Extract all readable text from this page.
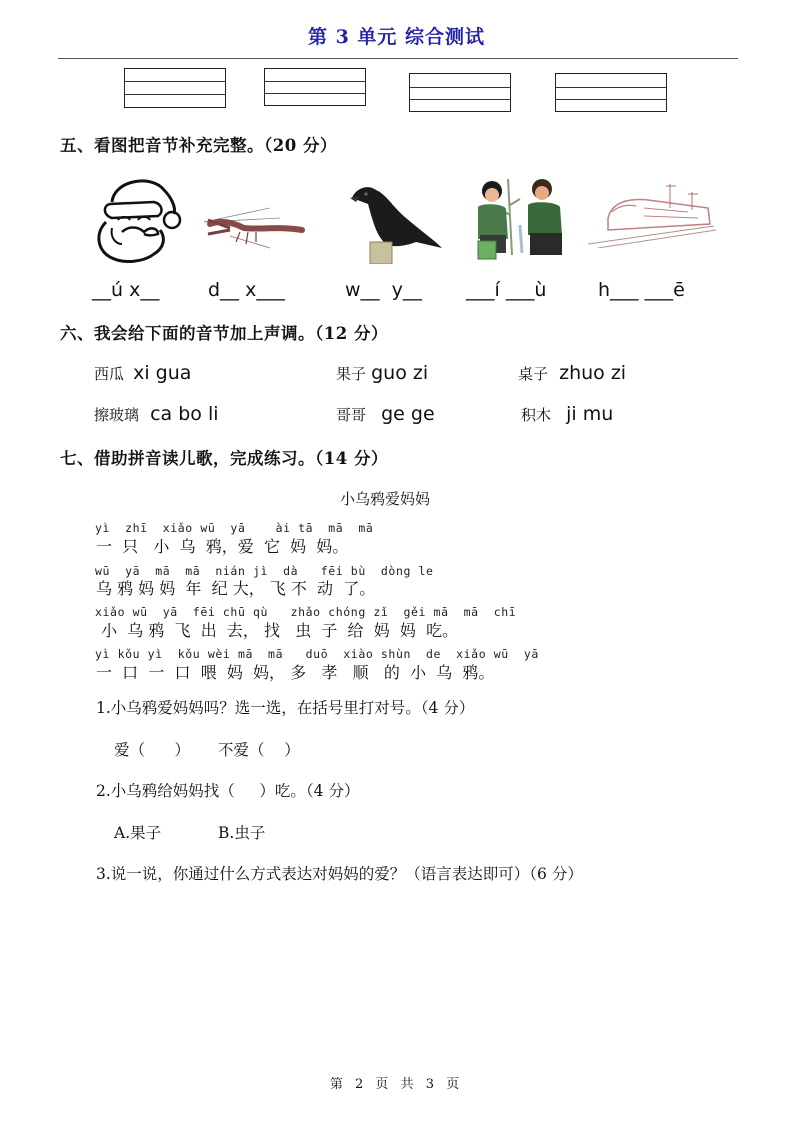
第 3 单元 综合测试
五、看图把音节补充完整。（20 分）
__ú x__	d__ x___	w__  y__ ___í ___ù	h___ ___ē
六、我会给下面的音节加上声调。（12 分）
西瓜 xi gua	果子 guo zi	桌子 zhuo zi
擦玻璃 ca bo li	哥哥 ge ge	积木 ji mu
七、借助拼音读儿歌，完成练习。（14 分）
小乌鸦爱妈妈
yì  zhī  xiǎo wū  yā    ài tā  mā  mā
一  只   小  乌  鸦，爱  它  妈  妈。
wū  yā  mā  mā  nián jì  dà   fēi bù  dòng le
乌 鸦 妈 妈  年  纪 大， 飞 不  动  了。
xiǎo wū  yā  fēi chū qù   zhǎo chóng zǐ  gěi mā  mā  chī
小  乌 鸦  飞  出  去， 找   虫  子  给  妈  妈  吃。
yì kǒu yì  kǒu wèi mā  mā   duō  xiào shùn  de  xiǎo wū  yā
一  口  一  口  喂  妈  妈， 多   孝   顺   的  小  乌  鸦。
1.小乌鸦爱妈妈吗？选一选，在括号里打对号。（4 分）
爱（      ） 不爱（    ）
2.小乌鸦给妈妈找（     ）吃。（4 分）
A.果子	B.虫子
3.说一说，你通过什么方式表达对妈妈的爱？（语言表达即可）（6 分）
第 2 页 共 3 页
